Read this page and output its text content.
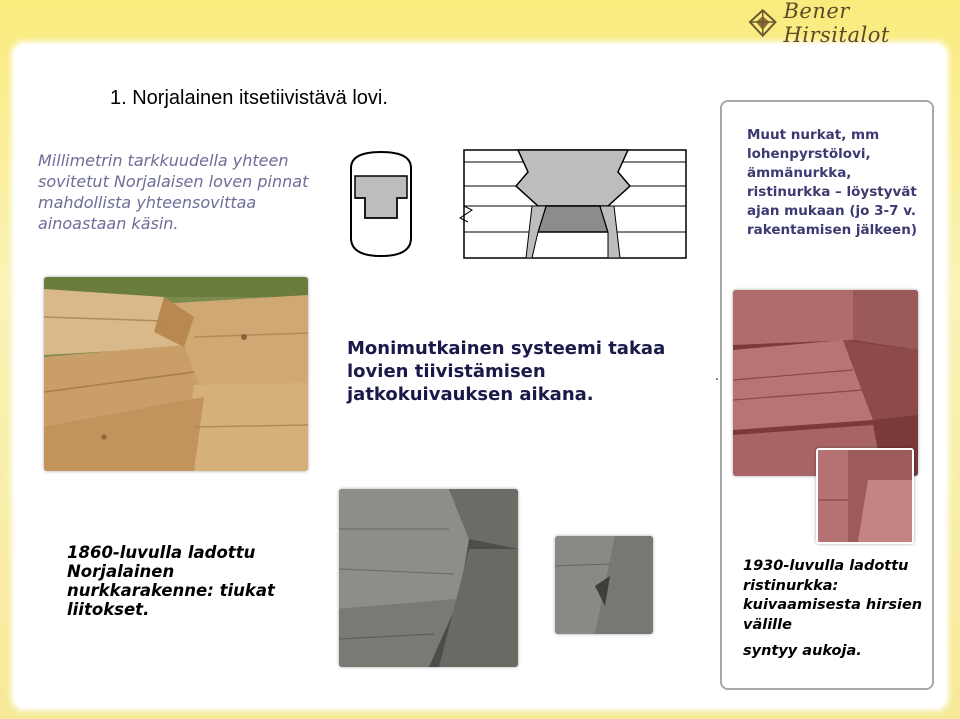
Bener Hirsitalot
1. Norjalainen itsetiivistävä lovi.
Millimetrin tarkkuudella yhteen sovitetut Norjalaisen loven pinnat mahdollista yhteensovittaa ainoastaan käsin.
Muut nurkat, mm lohenpyrstölovi, ämmänurkka, ristinurkka – löystyvät ajan mukaan (jo 3-7 v. rakentamisen jälkeen)
Monimutkainen systeemi takaa lovien tiivistämisen jatkokuivauksen aikana.
1860-luvulla ladottu Norjalainen nurkkarakenne: tiukat liitokset.
1930-luvulla ladottu ristinurkka: kuivaamisesta hirsien välille
syntyy aukoja.
